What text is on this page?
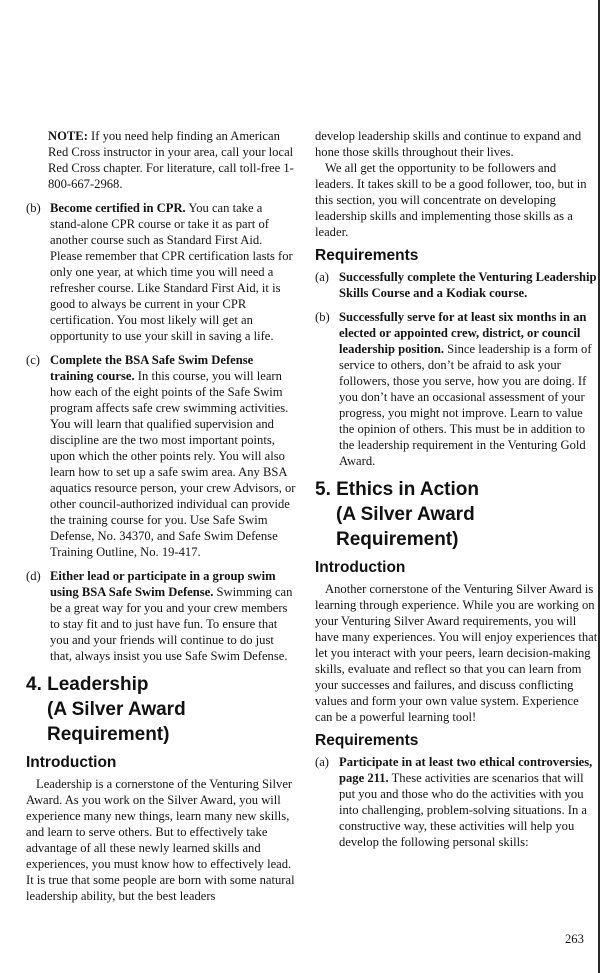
NOTE: If you need help finding an American Red Cross instructor in your area, call your local Red Cross chapter. For literature, call toll-free 1-800-667-2968.

(b) Become certified in CPR. You can take a stand-alone CPR course or take it as part of another course such as Standard First Aid. Please remember that CPR certification lasts for only one year, at which time you will need a refresher course. Like Standard First Aid, it is good to always be current in your CPR certification. You most likely will get an opportunity to use your skill in saving a life.
(c) Complete the BSA Safe Swim Defense training course. In this course, you will learn how each of the eight points of the Safe Swim program affects safe crew swimming activities. You will learn that qualified supervision and discipline are the two most important points, upon which the other points rely. You will also learn how to set up a safe swim area. Any BSA aquatics resource person, your crew Advisors, or other council-authorized individual can provide the training course for you. Use Safe Swim Defense, No. 34370, and Safe Swim Defense Training Outline, No. 19-417.
(d) Either lead or participate in a group swim using BSA Safe Swim Defense. Swimming can be a great way for you and your crew members to stay fit and to just have fun. To ensure that you and your friends will continue to do just that, always insist you use Safe Swim Defense.
4. Leadership
(A Silver Award Requirement)
Introduction

Leadership is a cornerstone of the Venturing Silver Award. As you work on the Silver Award, you will experience many new things, learn many new skills, and learn to serve others. But to effectively take advantage of all these newly learned skills and experiences, you must know how to effectively lead. It is true that some people are born with some natural leadership ability, but the best leaders

develop leadership skills and continue to expand and hone those skills throughout their lives.

We all get the opportunity to be followers and leaders. It takes skill to be a good follower, too, but in this section, you will concentrate on developing leadership skills and implementing those skills as a leader.

Requirements
(a) Successfully complete the Venturing Leadership Skills Course and a Kodiak course.
(b) Successfully serve for at least six months in an elected or appointed crew, district, or council leadership position. Since leadership is a form of service to others, don’t be afraid to ask your followers, those you serve, how you are doing. If you don’t have an occasional assessment of your progress, you might not improve. Learn to value the opinion of others. This must be in addition to the leadership requirement in the Venturing Gold Award.
5. Ethics in Action
(A Silver Award Requirement)
Introduction

Another cornerstone of the Venturing Silver Award is learning through experience. While you are working on your Venturing Silver Award requirements, you will have many experiences. You will enjoy experiences that let you interact with your peers, learn decision-making skills, evaluate and reflect so that you can learn from your successes and failures, and discuss conflicting values and form your own value system. Experience can be a powerful learning tool!

Requirements
(a) Participate in at least two ethical controversies, page 211. These activities are scenarios that will put you and those who do the activities with you into challenging, problem-solving situations. In a constructive way, these activities will help you develop the following personal skills:
263
